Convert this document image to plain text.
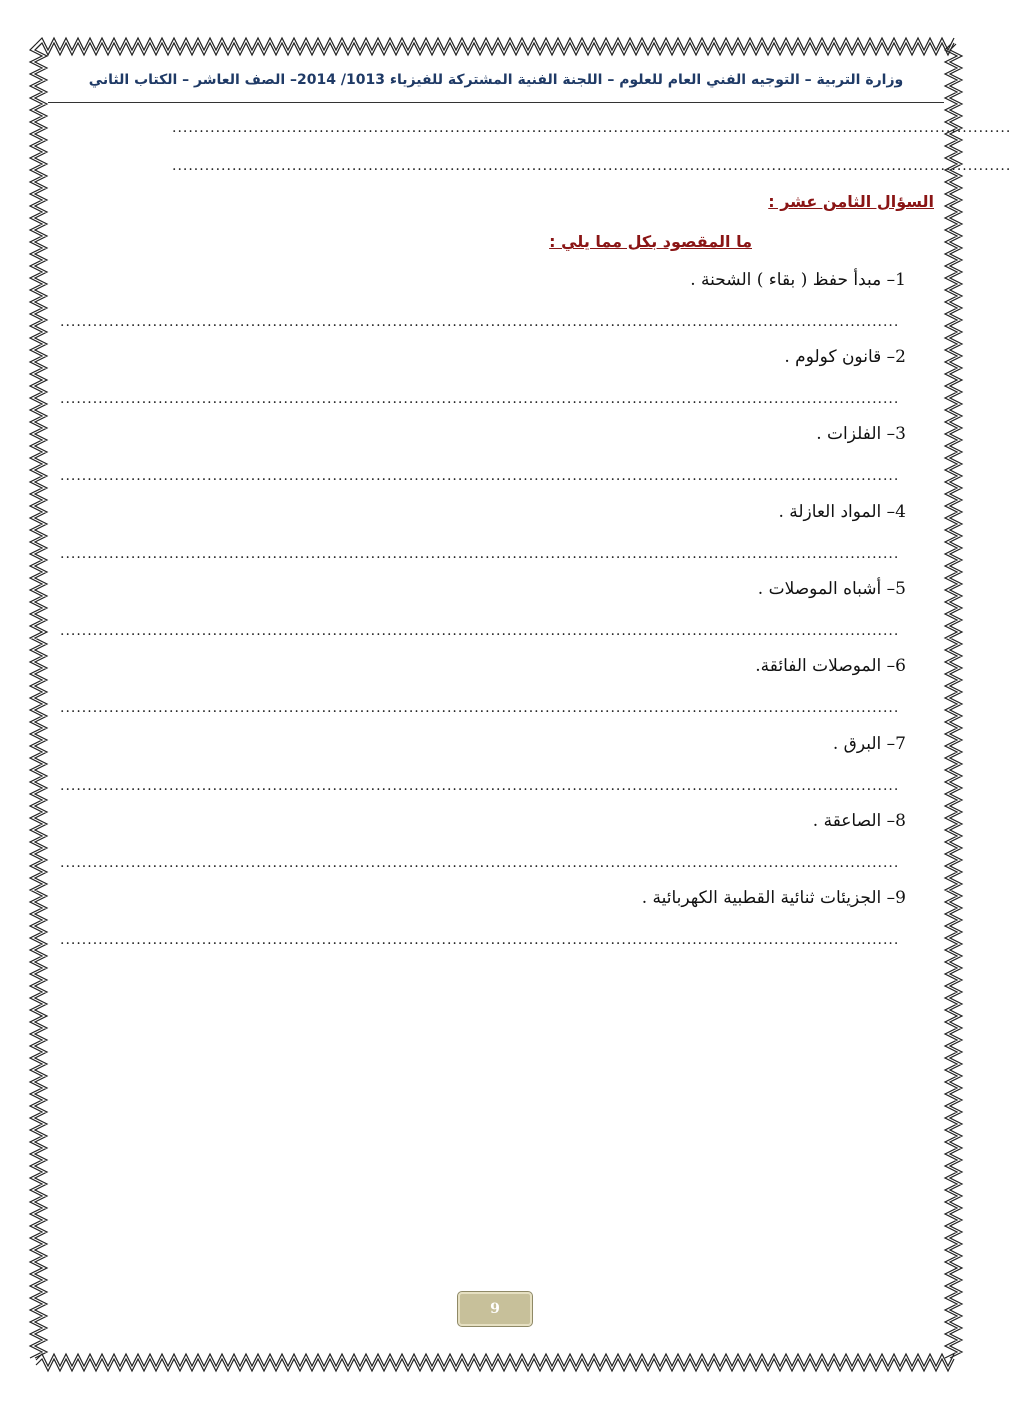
وزارة التربية – التوجيه الفني العام للعلوم – اللجنة الفنية المشتركة للفيزياء 1013/ 2014– الصف العاشر – الكتاب الثاني
..........................................................................................................................................................
..........................................................................................................................................................
السؤال الثامن عشر :
ما المقصود بكل مما يلي :
1– مبدأ حفظ ( بقاء ) الشحنة .
..........................................................................................................................................................
2– قانون كولوم .
..........................................................................................................................................................
3– الفلزات .
..........................................................................................................................................................
4– المواد العازلة .
..........................................................................................................................................................
5– أشباه الموصلات .
..........................................................................................................................................................
6– الموصلات الفائقة.
..........................................................................................................................................................
7– البرق .
..........................................................................................................................................................
8– الصاعقة .
..........................................................................................................................................................
9– الجزيئات ثنائية القطبية الكهربائية .
..........................................................................................................................................................
9
